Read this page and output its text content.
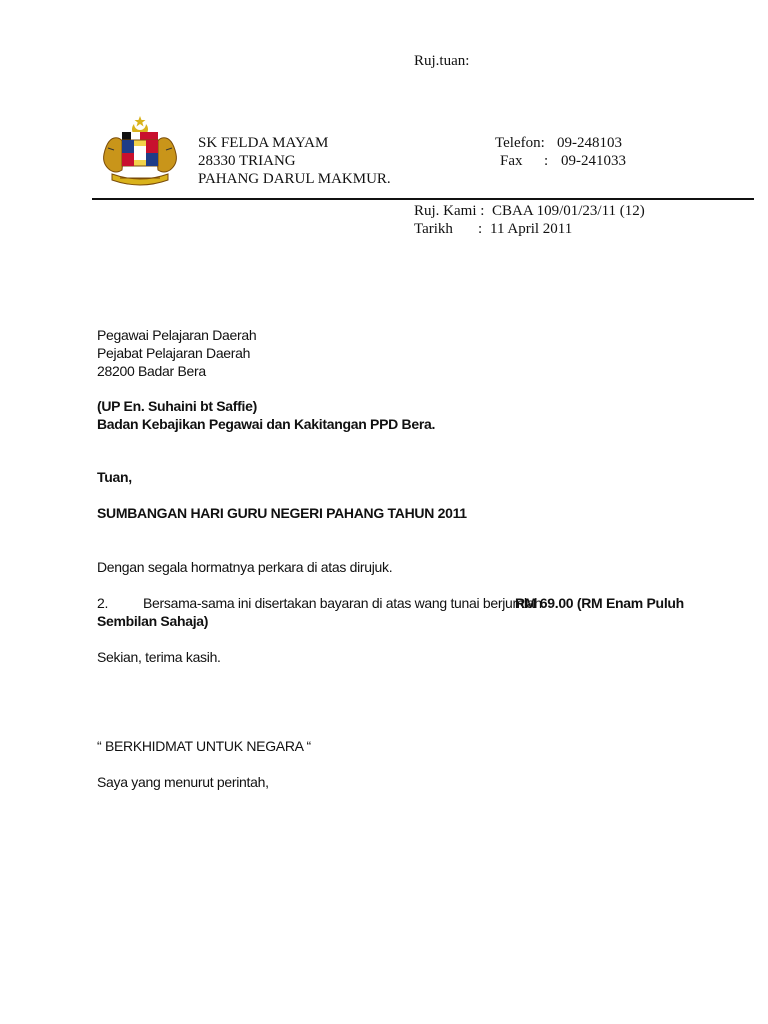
Ruj.tuan:
SK FELDA MAYAM
28330 TRIANG
PAHANG DARUL MAKMUR.
Telefon: 09-248103
Fax : 09-241033
Ruj. Kami : CBAA 109/01/23/11 (12)
Tarikh : 11 April 2011
Pegawai Pelajaran Daerah
Pejabat Pelajaran Daerah
28200 Badar Bera
(UP En. Suhaini bt Saffie)
Badan Kebajikan Pegawai dan Kakitangan PPD Bera.
Tuan,
SUMBANGAN HARI GURU NEGERI PAHANG TAHUN 2011
Dengan segala hormatnya perkara di atas dirujuk.
2. Bersama-sama ini disertakan bayaran di atas wang tunai berjumlah
RM 69.00 (RM Enam Puluh
Sembilan Sahaja)
Sekian, terima kasih.
“ BERKHIDMAT UNTUK NEGARA “
Saya yang menurut perintah,
